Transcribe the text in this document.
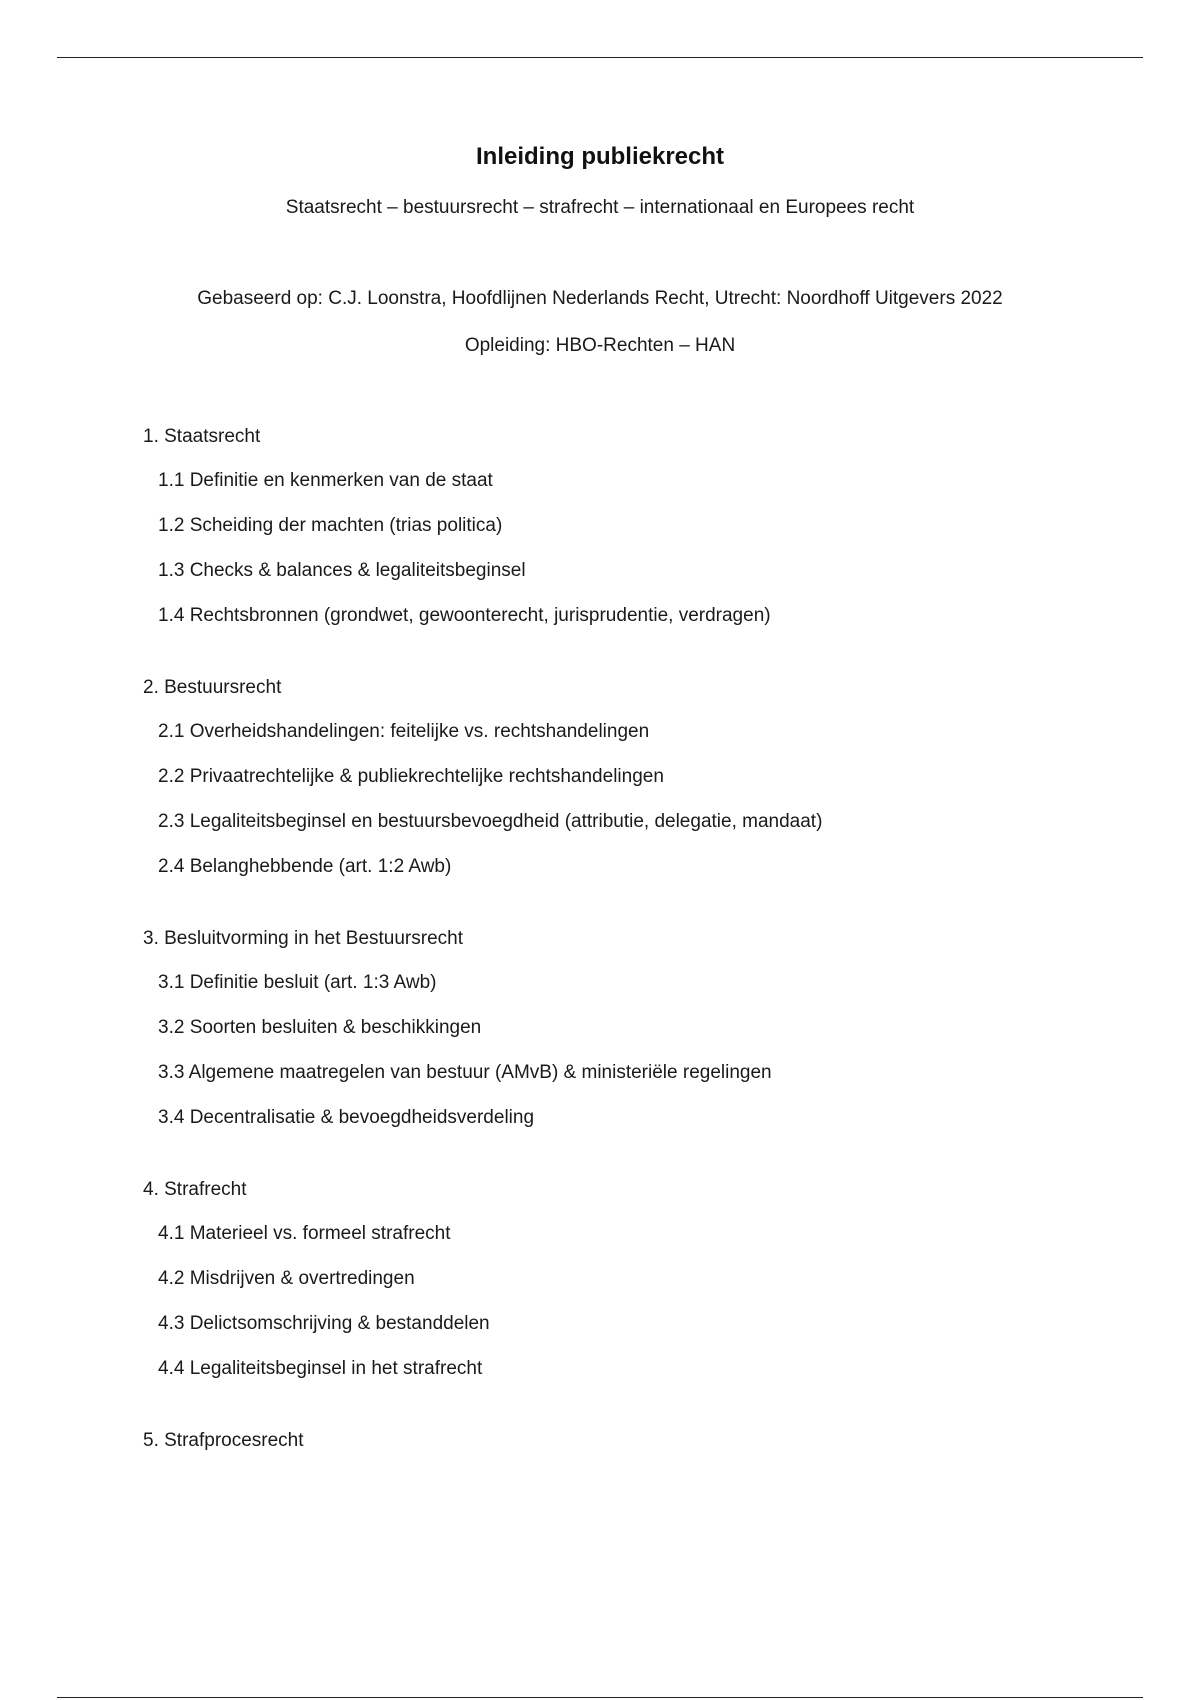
Inleiding publiekrecht
Staatsrecht – bestuursrecht – strafrecht – internationaal en Europees recht
Gebaseerd op: C.J. Loonstra, Hoofdlijnen Nederlands Recht, Utrecht: Noordhoff Uitgevers 2022
Opleiding: HBO-Rechten – HAN
1. Staatsrecht
1.1 Definitie en kenmerken van de staat
1.2 Scheiding der machten (trias politica)
1.3 Checks & balances & legaliteitsbeginsel
1.4 Rechtsbronnen (grondwet, gewoonterecht, jurisprudentie, verdragen)
2. Bestuursrecht
2.1 Overheidshandelingen: feitelijke vs. rechtshandelingen
2.2 Privaatrechtelijke & publiekrechtelijke rechtshandelingen
2.3 Legaliteitsbeginsel en bestuursbevoegdheid (attributie, delegatie, mandaat)
2.4 Belanghebbende (art. 1:2 Awb)
3. Besluitvorming in het Bestuursrecht
3.1 Definitie besluit (art. 1:3 Awb)
3.2 Soorten besluiten & beschikkingen
3.3 Algemene maatregelen van bestuur (AMvB) & ministeriële regelingen
3.4 Decentralisatie & bevoegdheidsverdeling
4. Strafrecht
4.1 Materieel vs. formeel strafrecht
4.2 Misdrijven & overtredingen
4.3 Delictsomschrijving & bestanddelen
4.4 Legaliteitsbeginsel in het strafrecht
5. Strafprocesrecht
